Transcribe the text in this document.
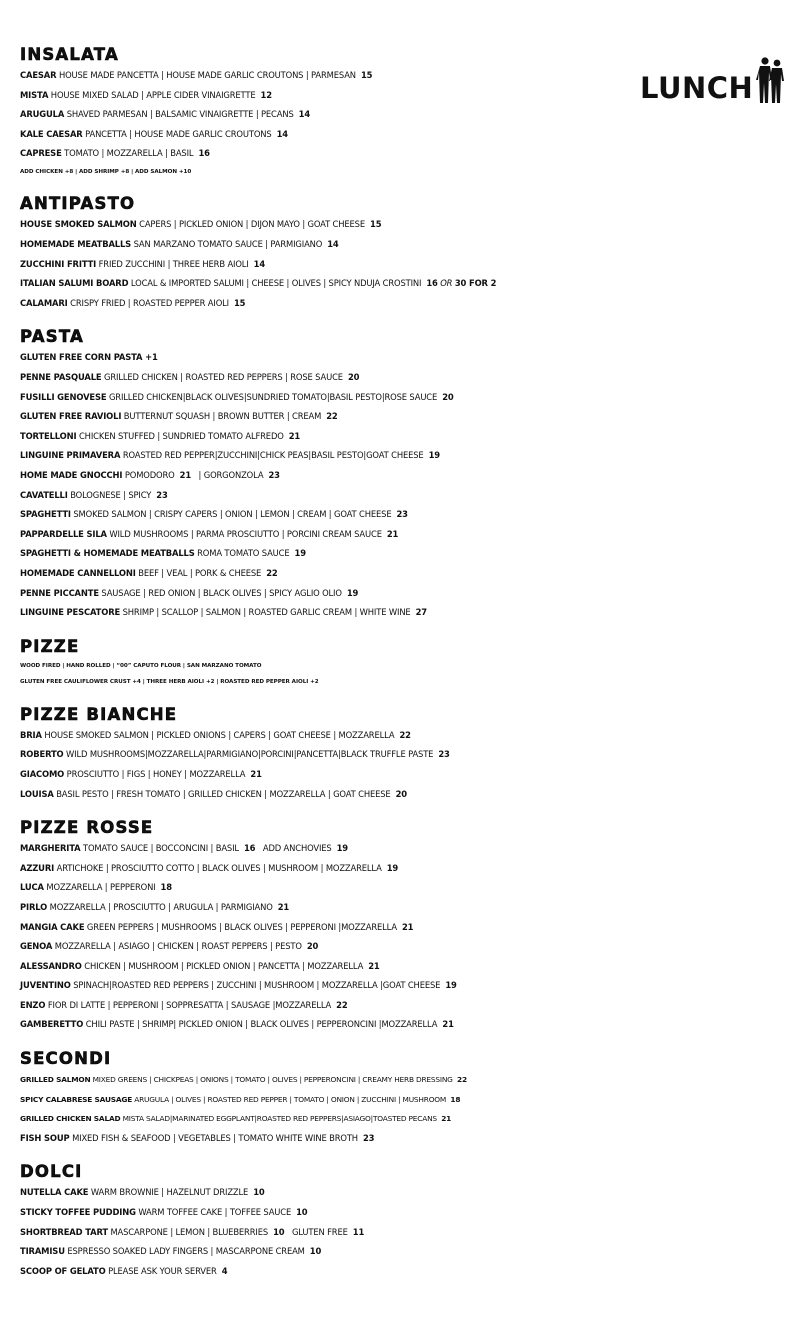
LUNCH
INSALATA
CAESAR HOUSE MADE PANCETTA | HOUSE MADE GARLIC CROUTONS | PARMESAN 15
MISTA HOUSE MIXED SALAD | APPLE CIDER VINAIGRETTE 12
ARUGULA SHAVED PARMESAN | BALSAMIC VINAIGRETTE | PECANS 14
KALE CAESAR PANCETTA | HOUSE MADE GARLIC CROUTONS 14
CAPRESE TOMATO | MOZZARELLA | BASIL 16
ADD CHICKEN +8 | ADD SHRIMP +8 | ADD SALMON +10
ANTIPASTO
HOUSE SMOKED SALMON CAPERS | PICKLED ONION | DIJON MAYO | GOAT CHEESE 15
HOMEMADE MEATBALLS SAN MARZANO TOMATO SAUCE | PARMIGIANO 14
ZUCCHINI FRITTI FRIED ZUCCHINI | THREE HERB AIOLI 14
ITALIAN SALUMI BOARD LOCAL & IMPORTED SALUMI | CHEESE | OLIVES | SPICY NDUJA CROSTINI 16 OR 30 FOR 2
CALAMARI CRISPY FRIED | ROASTED PEPPER AIOLI 15
PASTA
GLUTEN FREE CORN PASTA +1
PENNE PASQUALE GRILLED CHICKEN | ROASTED RED PEPPERS | ROSE SAUCE 20
FUSILLI GENOVESE GRILLED CHICKEN|BLACK OLIVES|SUNDRIED TOMATO|BASIL PESTO|ROSE SAUCE 20
GLUTEN FREE RAVIOLI BUTTERNUT SQUASH | BROWN BUTTER | CREAM 22
TORTELLONI CHICKEN STUFFED | SUNDRIED TOMATO ALFREDO 21
LINGUINE PRIMAVERA ROASTED RED PEPPER|ZUCCHINI|CHICK PEAS|BASIL PESTO|GOAT CHEESE 19
HOME MADE GNOCCHI POMODORO 21 | GORGONZOLA 23
CAVATELLI BOLOGNESE | SPICY 23
SPAGHETTI SMOKED SALMON | CRISPY CAPERS | ONION | LEMON | CREAM | GOAT CHEESE 23
PAPPARDELLE SILA WILD MUSHROOMS | PARMA PROSCIUTTO | PORCINI CREAM SAUCE 21
SPAGHETTI & HOMEMADE MEATBALLS ROMA TOMATO SAUCE 19
HOMEMADE CANNELLONI BEEF | VEAL | PORK & CHEESE 22
PENNE PICCANTE SAUSAGE | RED ONION | BLACK OLIVES | SPICY AGLIO OLIO 19
LINGUINE PESCATORE SHRIMP | SCALLOP | SALMON | ROASTED GARLIC CREAM | WHITE WINE 27
PIZZE
WOOD FIRED | HAND ROLLED | “00” CAPUTO FLOUR | SAN MARZANO TOMATO
GLUTEN FREE CAULIFLOWER CRUST +4 | THREE HERB AIOLI +2 | ROASTED RED PEPPER AIOLI +2
PIZZE BIANCHE
BRIA HOUSE SMOKED SALMON | PICKLED ONIONS | CAPERS | GOAT CHEESE | MOZZARELLA 22
ROBERTO WILD MUSHROOMS|MOZZARELLA|PARMIGIANO|PORCINI|PANCETTA|BLACK TRUFFLE PASTE 23
GIACOMO PROSCIUTTO | FIGS | HONEY | MOZZARELLA 21
LOUISA BASIL PESTO | FRESH TOMATO | GRILLED CHICKEN | MOZZARELLA | GOAT CHEESE 20
PIZZE ROSSE
MARGHERITA TOMATO SAUCE | BOCCONCINI | BASIL 16 ADD ANCHOVIES 19
AZZURI ARTICHOKE | PROSCIUTTO COTTO | BLACK OLIVES | MUSHROOM | MOZZARELLA 19
LUCA MOZZARELLA | PEPPERONI 18
PIRLO MOZZARELLA | PROSCIUTTO | ARUGULA | PARMIGIANO 21
MANGIA CAKE GREEN PEPPERS | MUSHROOMS | BLACK OLIVES | PEPPERONI |MOZZARELLA 21
GENOA MOZZARELLA | ASIAGO | CHICKEN | ROAST PEPPERS | PESTO 20
ALESSANDRO CHICKEN | MUSHROOM | PICKLED ONION | PANCETTA | MOZZARELLA 21
JUVENTINO SPINACH|ROASTED RED PEPPERS | ZUCCHINI | MUSHROOM | MOZZARELLA |GOAT CHEESE 19
ENZO FIOR DI LATTE | PEPPERONI | SOPPRESATTA | SAUSAGE |MOZZARELLA 22
GAMBERETTO CHILI PASTE | SHRIMP| PICKLED ONION | BLACK OLIVES | PEPPERONCINI |MOZZARELLA 21
SECONDI
GRILLED SALMON MIXED GREENS | CHICKPEAS | ONIONS | TOMATO | OLIVES | PEPPERONCINI | CREAMY HERB DRESSING 22
SPICY CALABRESE SAUSAGE ARUGULA | OLIVES | ROASTED RED PEPPER | TOMATO | ONION | ZUCCHINI | MUSHROOM 18
GRILLED CHICKEN SALAD MISTA SALAD|MARINATED EGGPLANT|ROASTED RED PEPPERS|ASIAGO|TOASTED PECANS 21
FISH SOUP MIXED FISH & SEAFOOD | VEGETABLES | TOMATO WHITE WINE BROTH 23
DOLCI
NUTELLA CAKE WARM BROWNIE | HAZELNUT DRIZZLE 10
STICKY TOFFEE PUDDING WARM TOFFEE CAKE | TOFFEE SAUCE 10
SHORTBREAD TART MASCARPONE | LEMON | BLUEBERRIES 10 GLUTEN FREE 11
TIRAMISU ESPRESSO SOAKED LADY FINGERS | MASCARPONE CREAM 10
SCOOP OF GELATO PLEASE ASK YOUR SERVER 4
